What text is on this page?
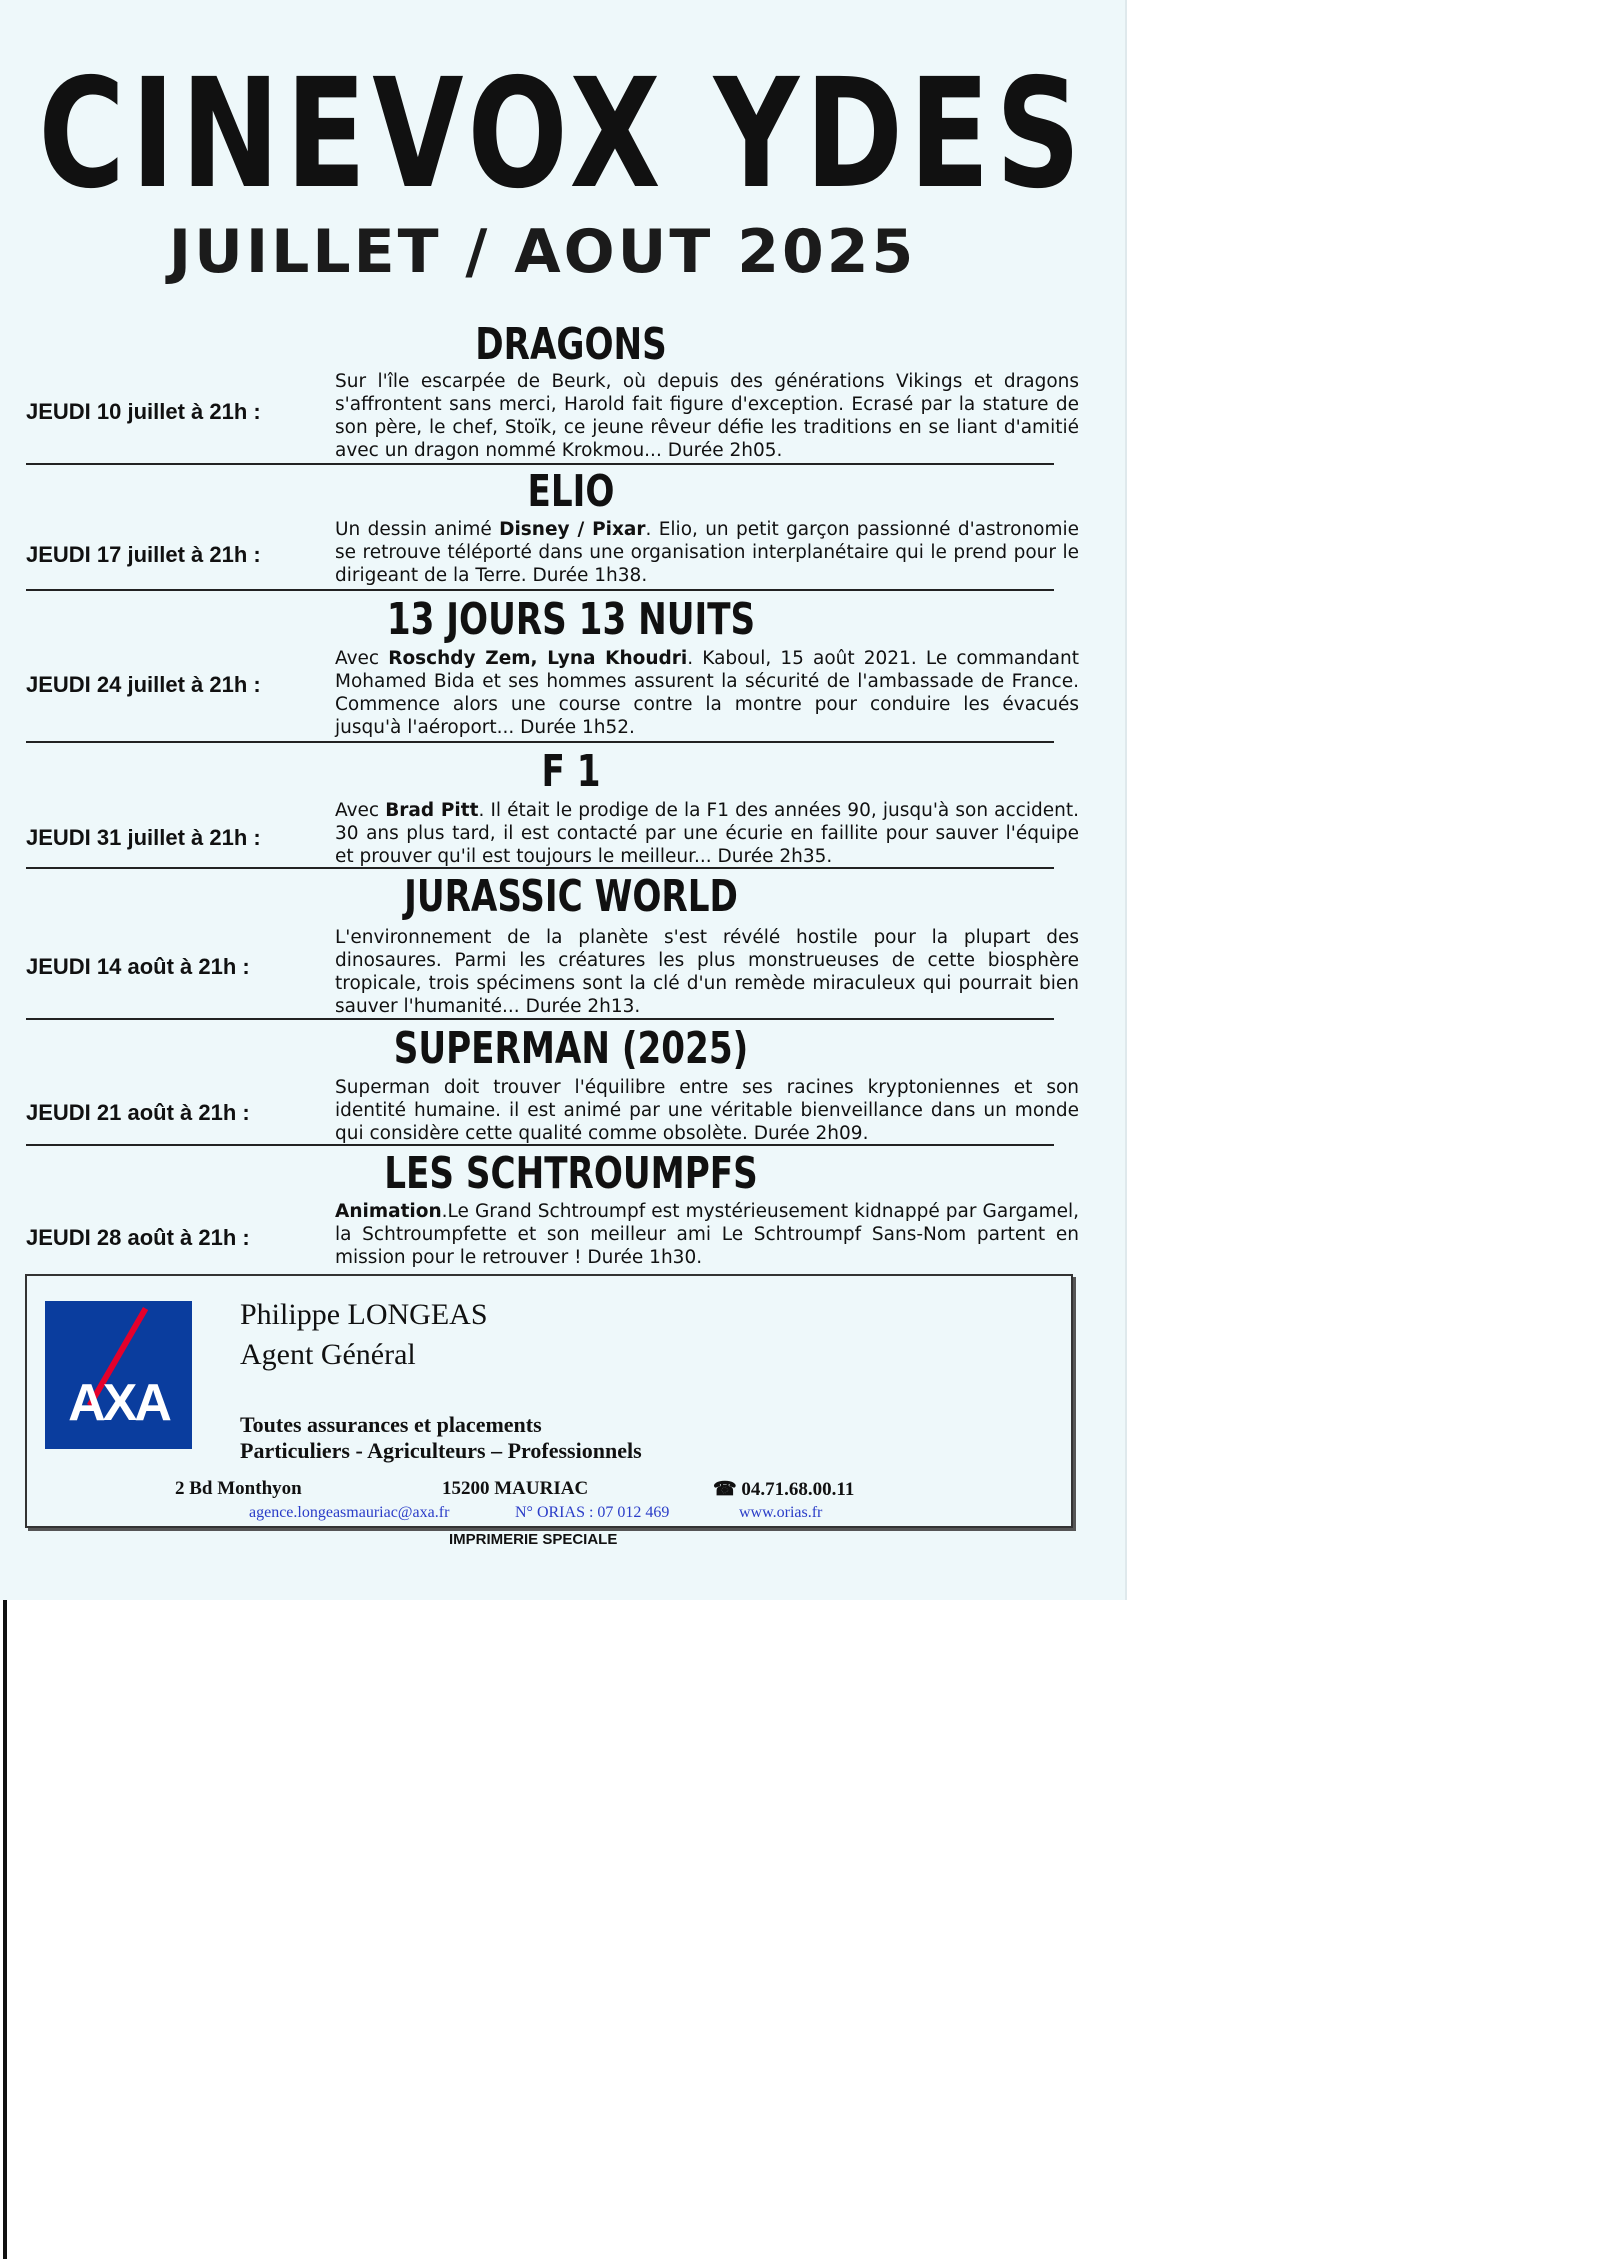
CINEVOX YDES
JUILLET / AOUT 2025
DRAGONS
JEUDI 10 juillet à 21h :
Sur l'île escarpée de Beurk, où depuis des générations Vikings et dragons s'affrontent sans merci, Harold fait figure d'exception. Ecrasé par la stature de son père, le chef, Stoïk, ce jeune rêveur défie les traditions en se liant d'amitié avec un dragon nommé Krokmou... Durée 2h05.
ELIO
JEUDI 17 juillet à 21h :
Un dessin animé Disney / Pixar. Elio, un petit garçon passionné d'astronomie se retrouve téléporté dans une organisation interplanétaire qui le prend pour le dirigeant de la Terre. Durée 1h38.
13 JOURS 13 NUITS
JEUDI 24 juillet à 21h :
Avec Roschdy Zem, Lyna Khoudri. Kaboul, 15 août 2021. Le commandant Mohamed Bida et ses hommes assurent la sécurité de l'ambassade de France. Commence alors une course contre la montre pour conduire les évacués jusqu'à l'aéroport... Durée 1h52.
F 1
JEUDI 31 juillet à 21h :
Avec Brad Pitt. Il était le prodige de la F1 des années 90, jusqu'à son accident. 30 ans plus tard, il est contacté par une écurie en faillite pour sauver l'équipe et prouver qu'il est toujours le meilleur... Durée 2h35.
JURASSIC WORLD
JEUDI 14 août à 21h :
L'environnement de la planète s'est révélé hostile pour la plupart des dinosaures. Parmi les créatures les plus monstrueuses de cette biosphère tropicale, trois spécimens sont la clé d'un remède miraculeux qui pourrait bien sauver l'humanité... Durée 2h13.
SUPERMAN (2025)
JEUDI 21 août à 21h :
Superman doit trouver l'équilibre entre ses racines kryptoniennes et son identité humaine. il est animé par une véritable bienveillance dans un monde qui considère cette qualité comme obsolète. Durée 2h09.
LES SCHTROUMPFS
JEUDI 28 août à 21h :
Animation.Le Grand Schtroumpf est mystérieusement kidnappé par Gargamel, la Schtroumpfette et son meilleur ami Le Schtroumpf Sans-Nom partent en mission pour le retrouver ! Durée 1h30.
AXA
Philippe LONGEAS
Agent Général
Toutes assurances et placements
Particuliers - Agriculteurs – Professionnels
2 Bd Monthyon	15200 MAURIAC	☎ 04.71.68.00.11
agence.longeasmauriac@axa.fr	N° ORIAS : 07 012 469	www.orias.fr
IMPRIMERIE SPECIALE
